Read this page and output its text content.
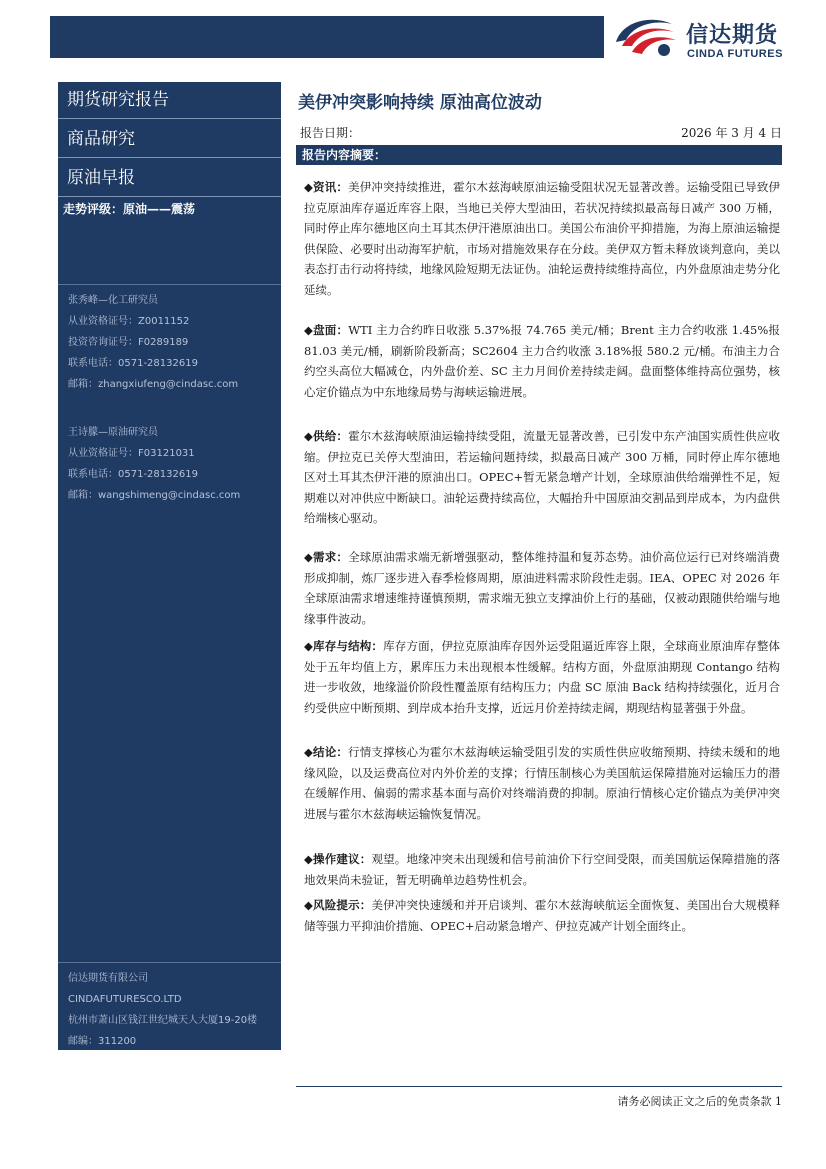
信达期货
CINDA FUTURES
期货研究报告
商品研究
原油早报
走势评级：原油——震荡
张秀峰—化工研究员
从业资格证号：Z0011152
投资咨询证号：F0289189
联系电话：0571-28132619
邮箱：zhangxiufeng@cindasc.com
王诗朦—原油研究员
从业资格证号：F03121031
联系电话：0571-28132619
邮箱：wangshimeng@cindasc.com
信达期货有限公司
CINDAFUTURESCO.LTD
杭州市萧山区钱江世纪城天人大厦19-20楼
邮编：311200
美伊冲突影响持续 原油高位波动
报告日期：	2026 年 3 月 4 日
报告内容摘要：
◆资讯：美伊冲突持续推进，霍尔木兹海峡原油运输受阻状况无显著改善。运输受阻已导致伊拉克原油库存逼近库容上限，当地已关停大型油田，若状况持续拟最高每日减产 300 万桶，同时停止库尔德地区向土耳其杰伊汗港原油出口。美国公布油价平抑措施，为海上原油运输提供保险、必要时出动海军护航，市场对措施效果存在分歧。美伊双方暂未释放谈判意向，美以表态打击行动将持续，地缘风险短期无法证伪。油轮运费持续维持高位，内外盘原油走势分化延续。
◆盘面：WTI 主力合约昨日收涨 5.37%报 74.765 美元/桶；Brent 主力合约收涨 1.45%报 81.03 美元/桶，刷新阶段新高；SC2604 主力合约收涨 3.18%报 580.2 元/桶。布油主力合约空头高位大幅减仓，内外盘价差、SC 主力月间价差持续走阔。盘面整体维持高位强势，核心定价锚点为中东地缘局势与海峡运输进展。
◆供给：霍尔木兹海峡原油运输持续受阻，流量无显著改善，已引发中东产油国实质性供应收缩。伊拉克已关停大型油田，若运输问题持续，拟最高日减产 300 万桶，同时停止库尔德地区对土耳其杰伊汗港的原油出口。OPEC+暂无紧急增产计划，全球原油供给端弹性不足，短期难以对冲供应中断缺口。油轮运费持续高位，大幅抬升中国原油交割品到岸成本，为内盘供给端核心驱动。
◆需求：全球原油需求端无新增强驱动，整体维持温和复苏态势。油价高位运行已对终端消费形成抑制，炼厂逐步进入春季检修周期，原油进料需求阶段性走弱。IEA、OPEC 对 2026 年全球原油需求增速维持谨慎预期，需求端无独立支撑油价上行的基础，仅被动跟随供给端与地缘事件波动。
◆库存与结构：库存方面，伊拉克原油库存因外运受阻逼近库容上限，全球商业原油库存整体处于五年均值上方，累库压力未出现根本性缓解。结构方面，外盘原油期现 Contango 结构进一步收敛，地缘溢价阶段性覆盖原有结构压力；内盘 SC 原油 Back 结构持续强化，近月合约受供应中断预期、到岸成本抬升支撑，近远月价差持续走阔，期现结构显著强于外盘。
◆结论：行情支撑核心为霍尔木兹海峡运输受阻引发的实质性供应收缩预期、持续未缓和的地缘风险，以及运费高位对内外价差的支撑；行情压制核心为美国航运保障措施对运输压力的潜在缓解作用、偏弱的需求基本面与高价对终端消费的抑制。原油行情核心定价锚点为美伊冲突进展与霍尔木兹海峡运输恢复情况。
◆操作建议：观望。地缘冲突未出现缓和信号前油价下行空间受限，而美国航运保障措施的落地效果尚未验证，暂无明确单边趋势性机会。
◆风险提示：美伊冲突快速缓和并开启谈判、霍尔木兹海峡航运全面恢复、美国出台大规模释储等强力平抑油价措施、OPEC+启动紧急增产、伊拉克减产计划全面终止。
请务必阅读正文之后的免责条款 1
